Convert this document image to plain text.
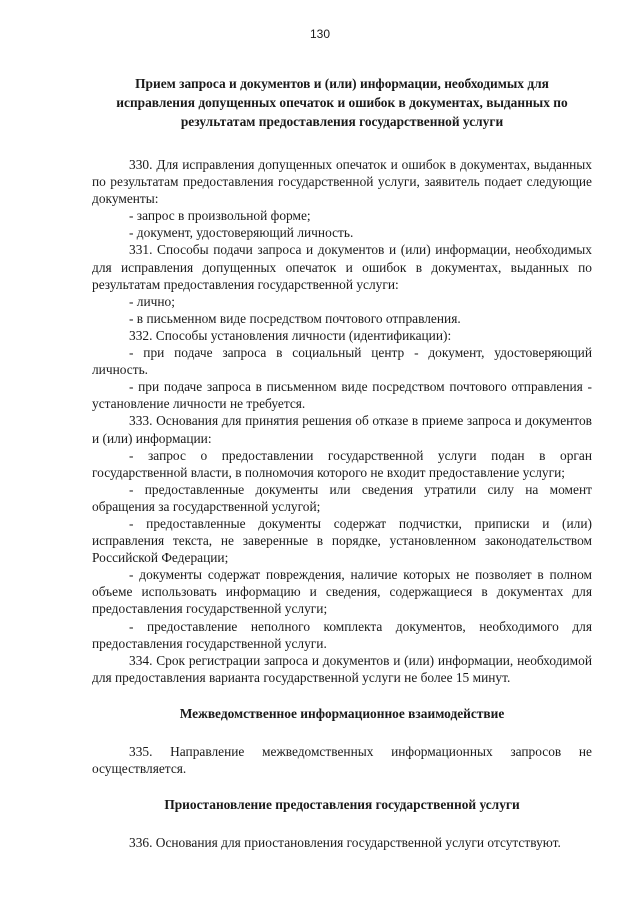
130
Прием запроса и документов и (или) информации, необходимых для исправления допущенных опечаток и ошибок в документах, выданных по результатам предоставления государственной услуги

330. Для исправления допущенных опечаток и ошибок в документах, выданных по результатам предоставления государственной услуги, заявитель подает следующие документы:

- запрос в произвольной форме;

- документ, удостоверяющий личность.

331. Способы подачи запроса и документов и (или) информации, необходимых для исправления допущенных опечаток и ошибок в документах, выданных по результатам предоставления государственной услуги:

- лично;

- в письменном виде посредством почтового отправления.

332. Способы установления личности (идентификации):

- при подаче запроса в социальный центр - документ, удостоверяющий личность.

- при подаче запроса в письменном виде посредством почтового отправления - установление личности не требуется.

333. Основания для принятия решения об отказе в приеме запроса и документов и (или) информации:

- запрос о предоставлении государственной услуги подан в орган государственной власти, в полномочия которого не входит предоставление услуги;

- предоставленные документы или сведения утратили силу на момент обращения за государственной услугой;

- предоставленные документы содержат подчистки, приписки и (или) исправления текста, не заверенные в порядке, установленном законодательством Российской Федерации;

- документы содержат повреждения, наличие которых не позволяет в полном объеме использовать информацию и сведения, содержащиеся в документах для предоставления государственной услуги;

- предоставление неполного комплекта документов, необходимого для предоставления государственной услуги.

334. Срок регистрации запроса и документов и (или) информации, необходимой для предоставления варианта государственной услуги не более 15 минут.

Межведомственное информационное взаимодействие

335. Направление межведомственных информационных запросов не осуществляется.

Приостановление предоставления государственной услуги

336. Основания для приостановления государственной услуги отсутствуют.
